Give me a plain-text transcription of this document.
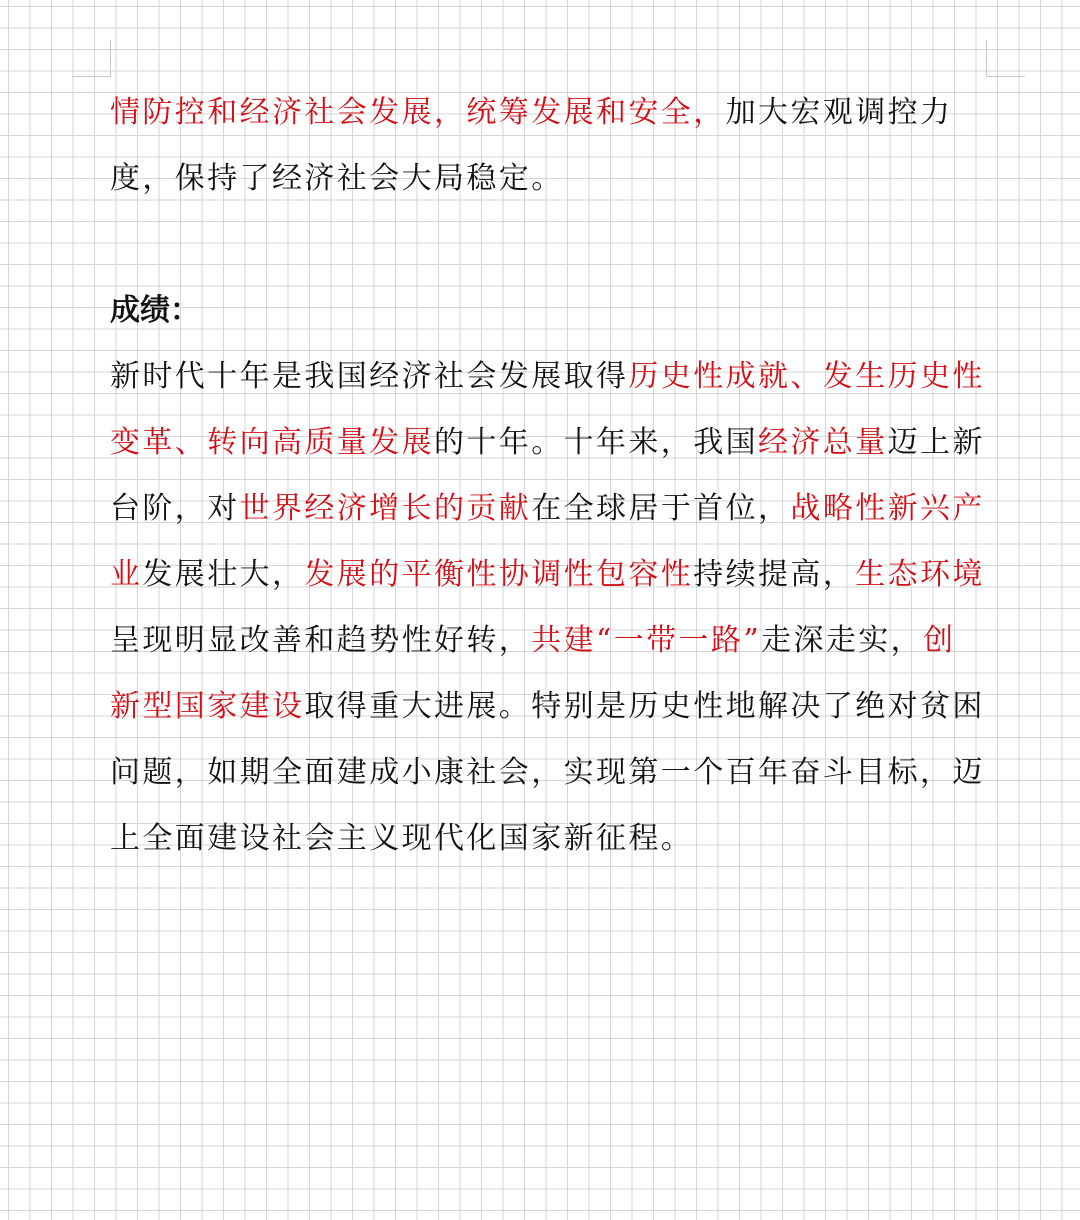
情防控和经济社会发展，统筹发展和安全，加大宏观调控力度，保持了经济社会大局稳定。

成绩：

新时代十年是我国经济社会发展取得历史性成就、发生历史性变革、转向高质量发展的十年。十年来，我国经济总量迈上新台阶，对世界经济增长的贡献在全球居于首位，战略性新兴产业发展壮大，发展的平衡性协调性包容性持续提高，生态环境呈现明显改善和趋势性好转，共建“一带一路”走深走实，创新型国家建设取得重大进展。特别是历史性地解决了绝对贫困问题，如期全面建成小康社会，实现第一个百年奋斗目标，迈上全面建设社会主义现代化国家新征程。
